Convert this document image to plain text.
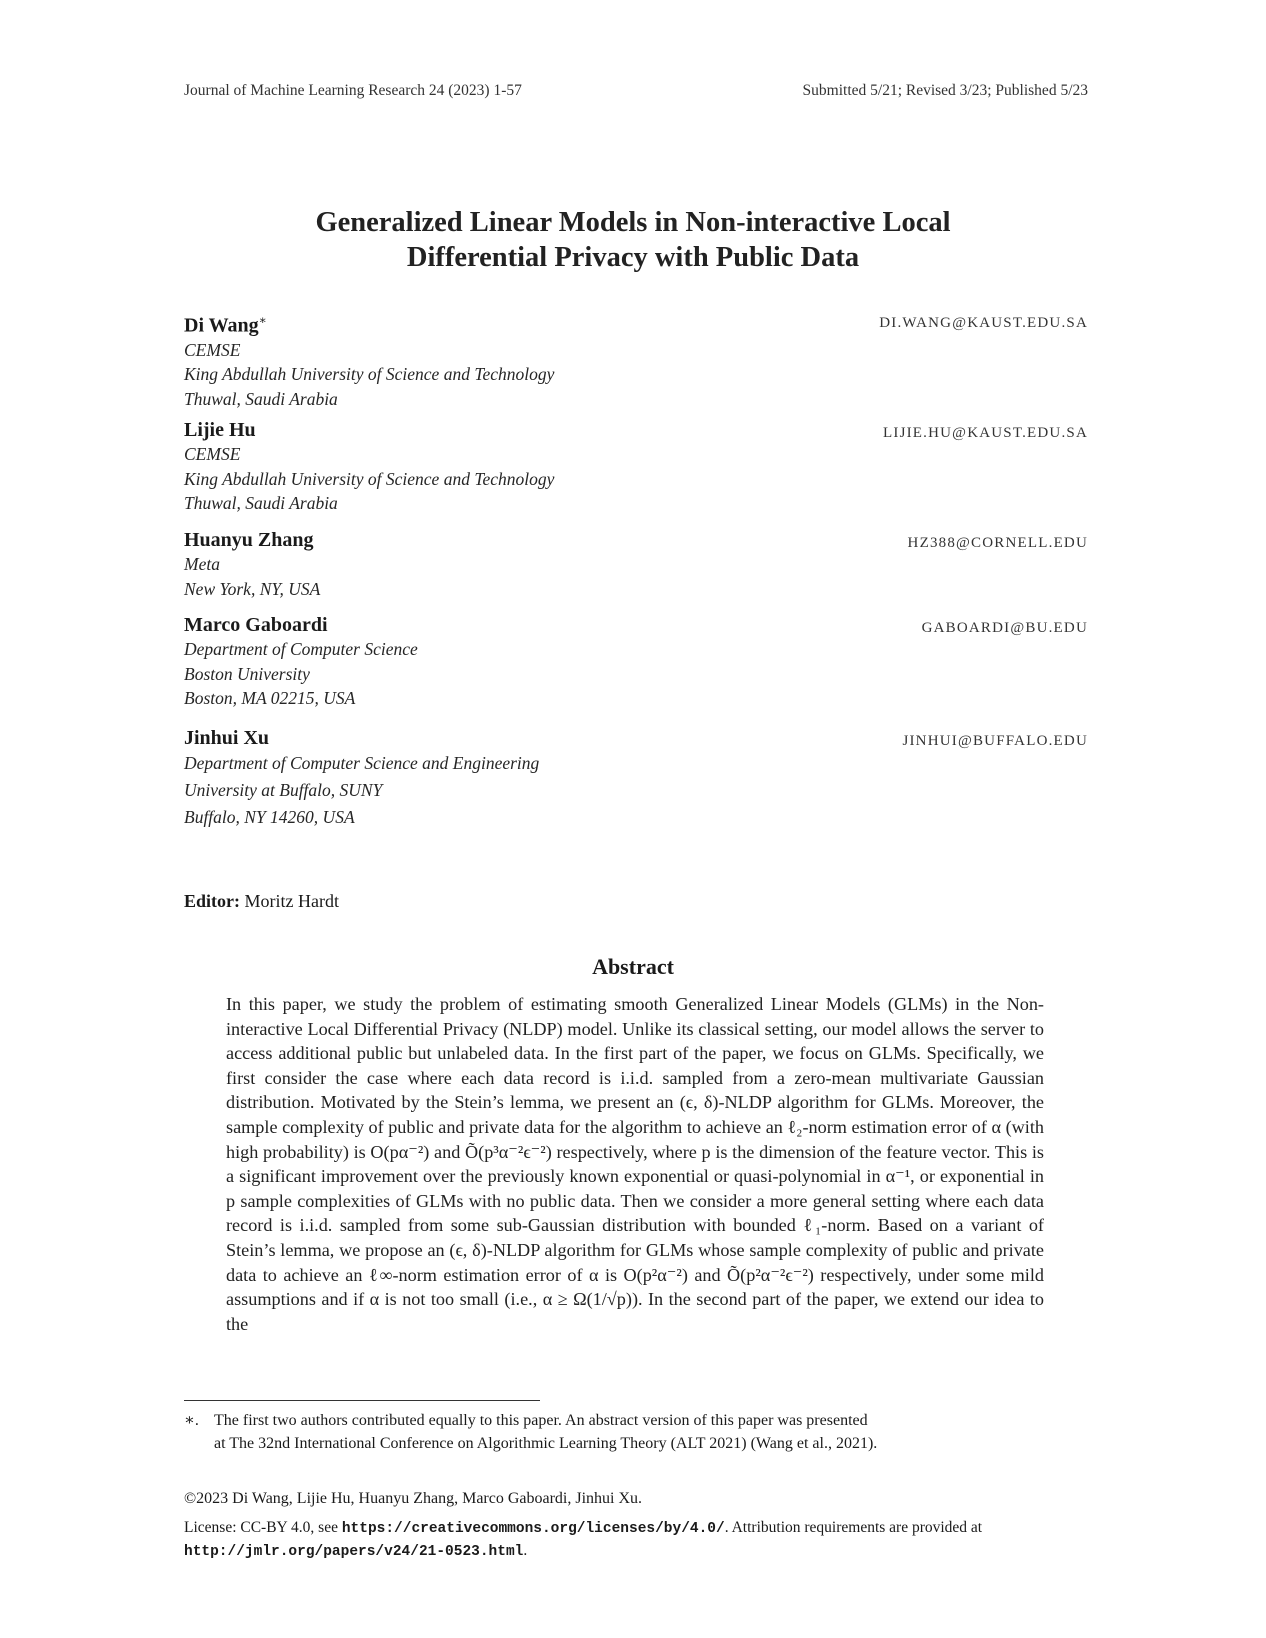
Journal of Machine Learning Research 24 (2023) 1-57	Submitted 5/21; Revised 3/23; Published 5/23
Generalized Linear Models in Non-interactive Local
Differential Privacy with Public Data
Di Wang∗
CEMSE
King Abdullah University of Science and Technology
Thuwal, Saudi Arabia
DI.WANG@KAUST.EDU.SA
Lijie Hu
CEMSE
King Abdullah University of Science and Technology
Thuwal, Saudi Arabia
LIJIE.HU@KAUST.EDU.SA
Huanyu Zhang
Meta
New York, NY, USA
HZ388@CORNELL.EDU
Marco Gaboardi
Department of Computer Science
Boston University
Boston, MA 02215, USA
GABOARDI@BU.EDU
Jinhui Xu
Department of Computer Science and Engineering
University at Buffalo, SUNY
Buffalo, NY 14260, USA
JINHUI@BUFFALO.EDU
Editor: Moritz Hardt
Abstract
In this paper, we study the problem of estimating smooth Generalized Linear Models (GLMs) in the Non-interactive Local Differential Privacy (NLDP) model. Unlike its classical setting, our model allows the server to access additional public but unlabeled data. In the first part of the paper, we focus on GLMs. Specifically, we first consider the case where each data record is i.i.d. sampled from a zero-mean multivariate Gaussian distribution. Motivated by the Stein’s lemma, we present an (ϵ, δ)-NLDP algorithm for GLMs. Moreover, the sample complexity of public and private data for the algorithm to achieve an ℓ₂-norm estimation error of α (with high probability) is O(pα⁻²) and Õ(p³α⁻²ϵ⁻²) respectively, where p is the dimension of the feature vector. This is a significant improvement over the previously known exponential or quasi-polynomial in α⁻¹, or exponential in p sample complexities of GLMs with no public data. Then we consider a more general setting where each data record is i.i.d. sampled from some sub-Gaussian distribution with bounded ℓ₁-norm. Based on a variant of Stein’s lemma, we propose an (ϵ, δ)-NLDP algorithm for GLMs whose sample complexity of public and private data to achieve an ℓ∞-norm estimation error of α is O(p²α⁻²) and Õ(p²α⁻²ϵ⁻²) respectively, under some mild assumptions and if α is not too small (i.e., α ≥ Ω(1/√p)). In the second part of the paper, we extend our idea to the
∗. The first two authors contributed equally to this paper. An abstract version of this paper was presented
at The 32nd International Conference on Algorithmic Learning Theory (ALT 2021) (Wang et al., 2021).
©2023 Di Wang, Lijie Hu, Huanyu Zhang, Marco Gaboardi, Jinhui Xu.
License: CC-BY 4.0, see https://creativecommons.org/licenses/by/4.0/. Attribution requirements are provided at http://jmlr.org/papers/v24/21-0523.html.
